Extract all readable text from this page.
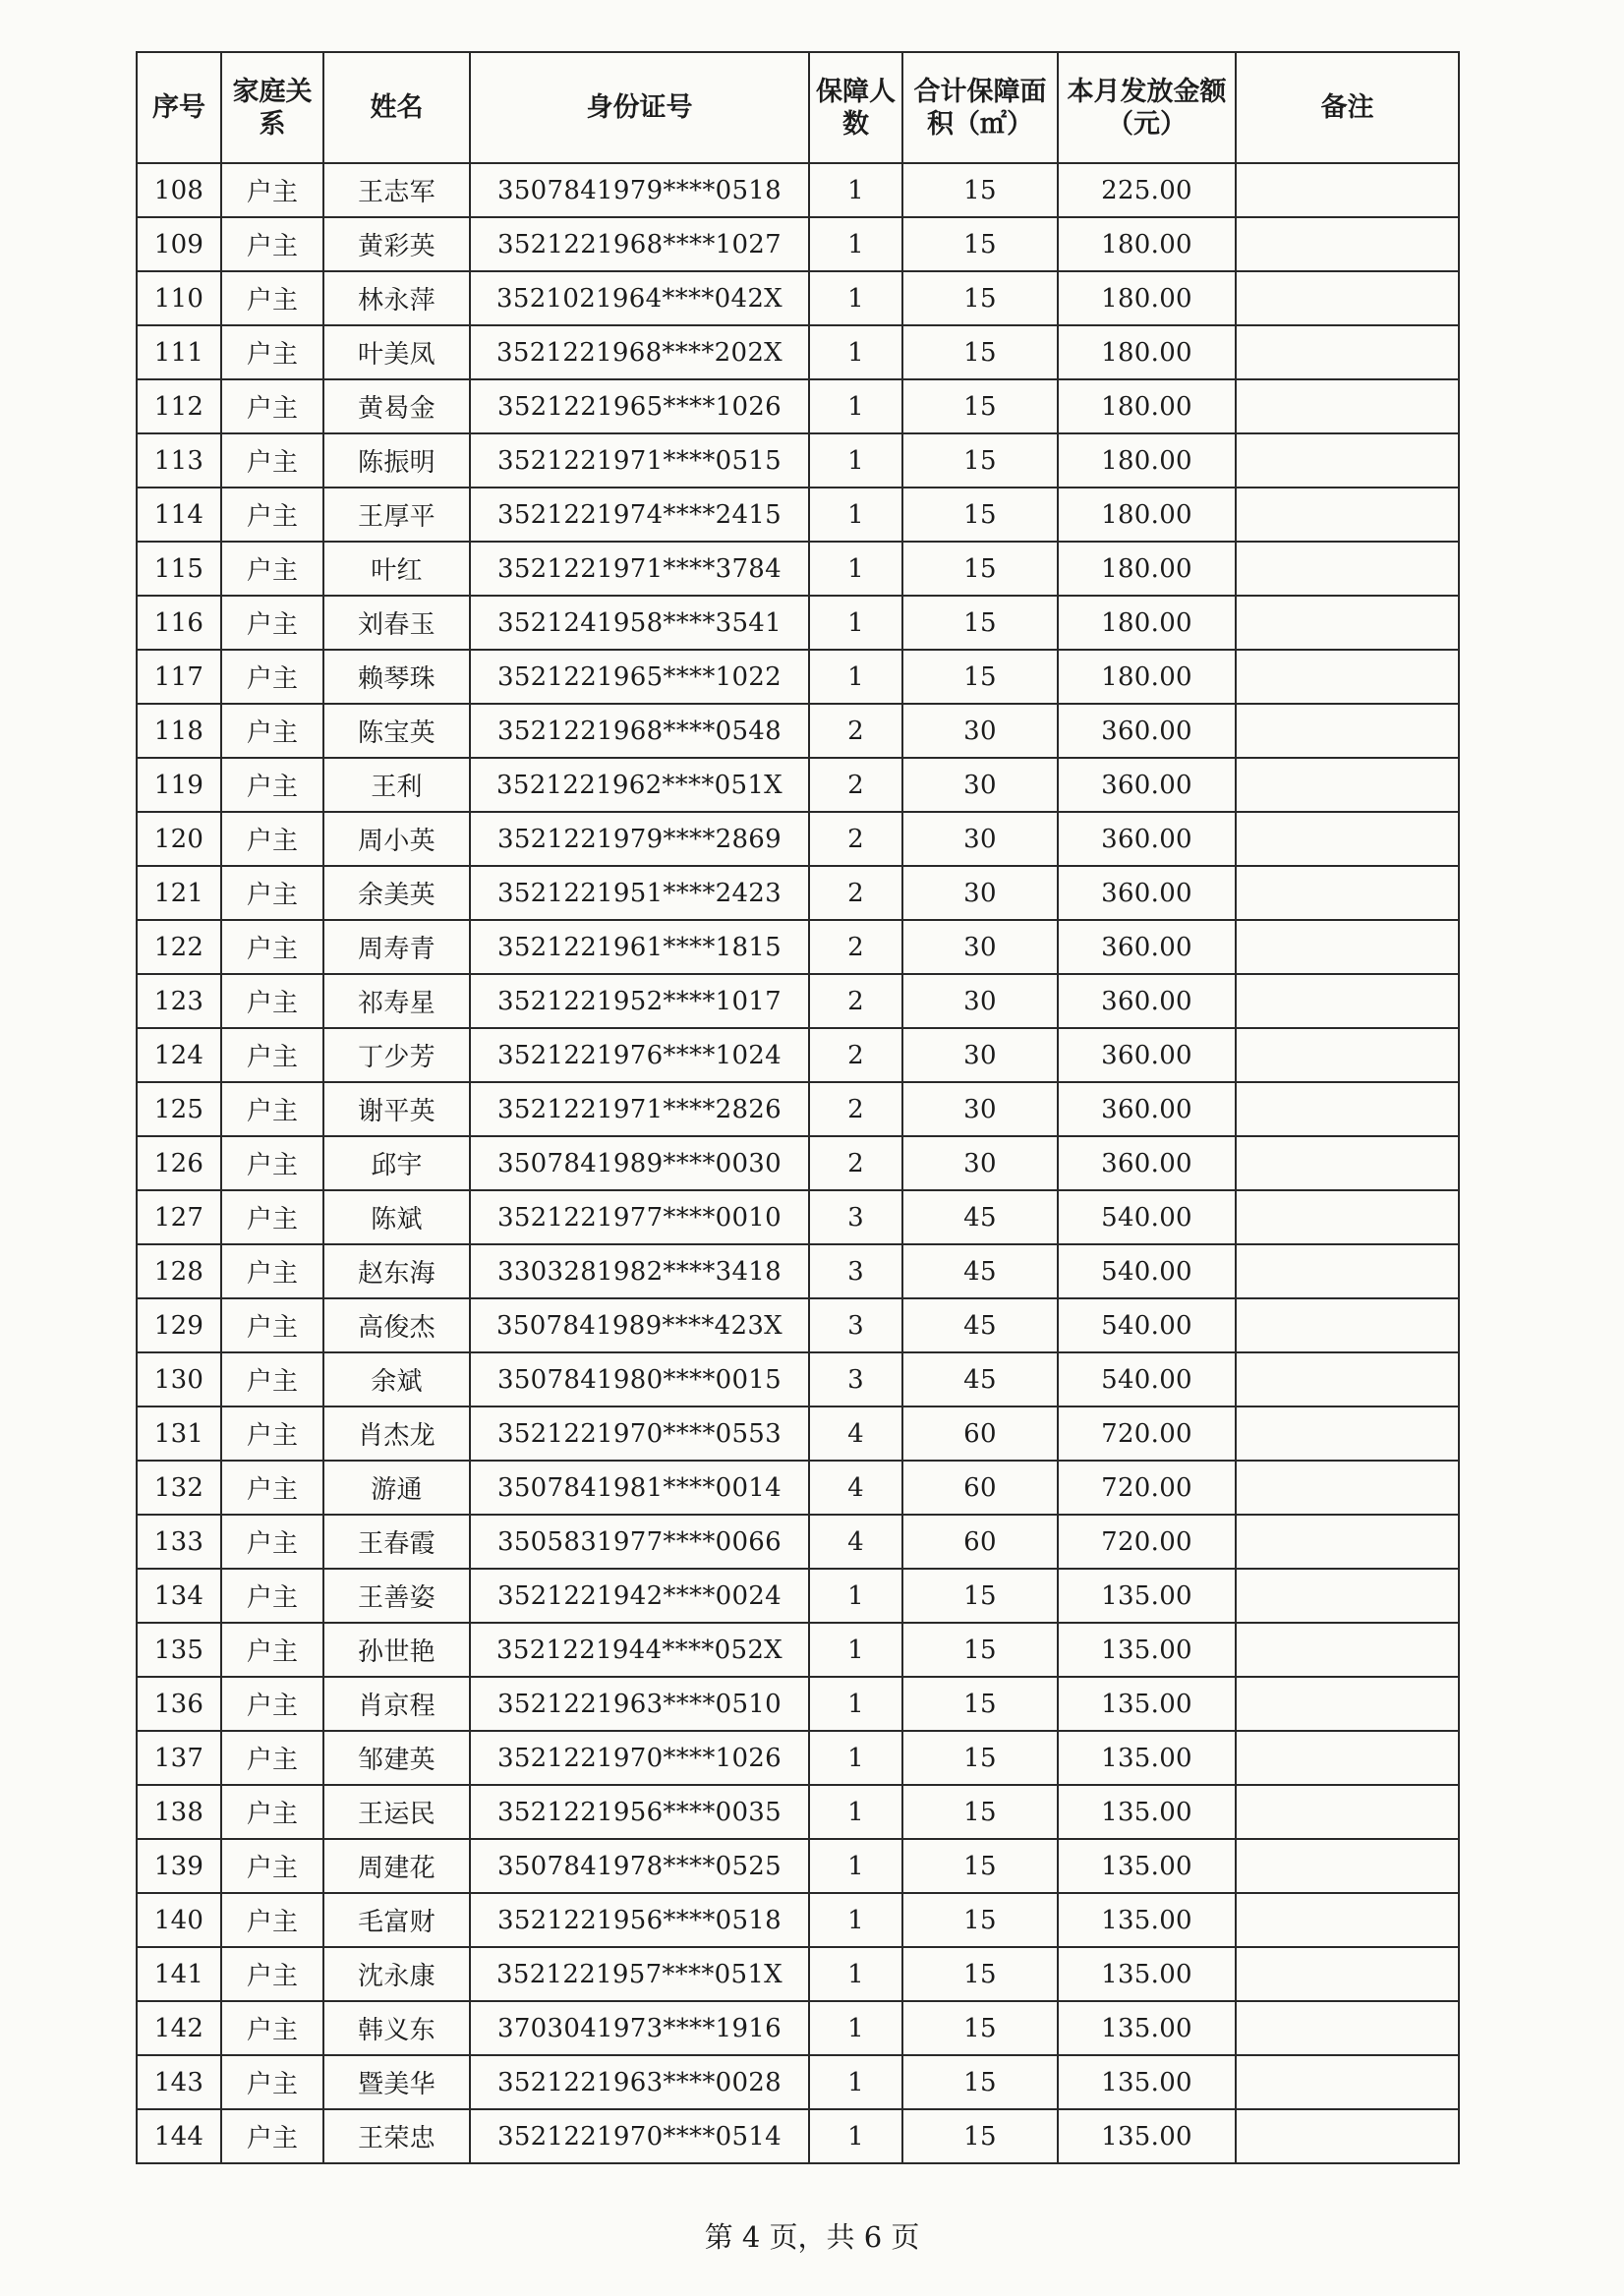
序号	家庭关系	姓名	身份证号	保障人数	合计保障面积（㎡）	本月发放金额（元）	备注
108	户主	王志军	3507841979****0518	1	15	225.00	
109	户主	黄彩英	3521221968****1027	1	15	180.00	
110	户主	林永萍	3521021964****042X	1	15	180.00	
111	户主	叶美凤	3521221968****202X	1	15	180.00	
112	户主	黄曷金	3521221965****1026	1	15	180.00	
113	户主	陈振明	3521221971****0515	1	15	180.00	
114	户主	王厚平	3521221974****2415	1	15	180.00	
115	户主	叶红	3521221971****3784	1	15	180.00	
116	户主	刘春玉	3521241958****3541	1	15	180.00	
117	户主	赖琴珠	3521221965****1022	1	15	180.00	
118	户主	陈宝英	3521221968****0548	2	30	360.00	
119	户主	王利	3521221962****051X	2	30	360.00	
120	户主	周小英	3521221979****2869	2	30	360.00	
121	户主	余美英	3521221951****2423	2	30	360.00	
122	户主	周寿青	3521221961****1815	2	30	360.00	
123	户主	祁寿星	3521221952****1017	2	30	360.00	
124	户主	丁少芳	3521221976****1024	2	30	360.00	
125	户主	谢平英	3521221971****2826	2	30	360.00	
126	户主	邱宇	3507841989****0030	2	30	360.00	
127	户主	陈斌	3521221977****0010	3	45	540.00	
128	户主	赵东海	3303281982****3418	3	45	540.00	
129	户主	高俊杰	3507841989****423X	3	45	540.00	
130	户主	余斌	3507841980****0015	3	45	540.00	
131	户主	肖杰龙	3521221970****0553	4	60	720.00	
132	户主	游通	3507841981****0014	4	60	720.00	
133	户主	王春霞	3505831977****0066	4	60	720.00	
134	户主	王善姿	3521221942****0024	1	15	135.00	
135	户主	孙世艳	3521221944****052X	1	15	135.00	
136	户主	肖京程	3521221963****0510	1	15	135.00	
137	户主	邹建英	3521221970****1026	1	15	135.00	
138	户主	王运民	3521221956****0035	1	15	135.00	
139	户主	周建花	3507841978****0525	1	15	135.00	
140	户主	毛富财	3521221956****0518	1	15	135.00	
141	户主	沈永康	3521221957****051X	1	15	135.00	
142	户主	韩义东	3703041973****1916	1	15	135.00	
143	户主	暨美华	3521221963****0028	1	15	135.00	
144	户主	王荣忠	3521221970****0514	1	15	135.00	
第 4 页，共 6 页
